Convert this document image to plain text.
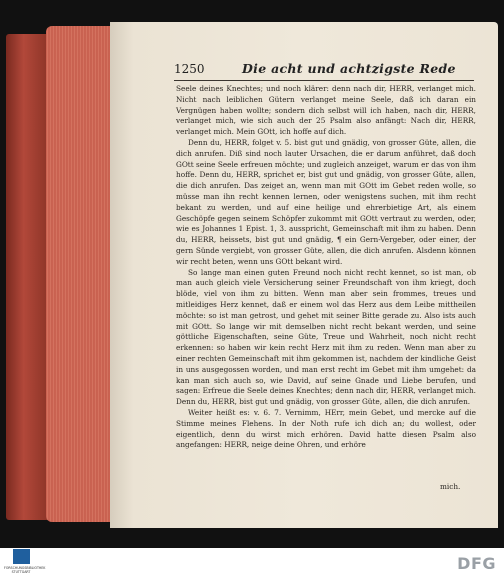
1250	Die acht und achtzigste Rede

Seele deines Knechtes; und noch klärer: denn nach dir, HERR, verlanget mich. Nicht nach leiblichen Gütern verlanget meine Seele, daß ich daran ein Vergnügen haben wollte; sondern dich selbst will ich haben, nach dir, HERR, verlanget mich, wie sich auch der 25 Psalm also anfängt: Nach dir, HERR, verlanget mich. Mein GOtt, ich hoffe auf dich.

Denn du, HERR, folget v. 5. bist gut und gnädig, von grosser Güte, allen, die dich anrufen. Diß sind noch lauter Ursachen, die er darum anführet, daß doch GOtt seine Seele erfreuen möchte; und zugleich anzeiget, warum er das von ihm hoffe. Denn du, HERR, sprichet er, bist gut und gnädig, von grosser Güte, allen, die dich anrufen. Das zeiget an, wenn man mit GOtt im Gebet reden wolle, so müsse man ihn recht kennen lernen, oder wenigstens suchen, mit ihm recht bekant zu werden, und auf eine heilige und ehrerbietige Art, als einem Geschöpfe gegen seinem Schöpfer zukommt mit GOtt vertraut zu werden, oder, wie es Johannes 1 Epist. 1, 3. ausspricht, Gemeinschaft mit ihm zu haben. Denn du, HERR, heissets, bist gut und gnädig, ¶ ein Gern-Vergeber, oder einer, der gern Sünde vergiebt, von grosser Güte, allen, die dich anrufen. Alsdenn können wir recht beten, wenn uns GOtt bekant wird.

So lange man einen guten Freund noch nicht recht kennet, so ist man, ob man auch gleich viele Versicherung seiner Freundschaft von ihm kriegt, doch blöde, viel von ihm zu bitten. Wenn man aber sein frommes, treues und mitleidiges Herz kennet, daß er einem wol das Herz aus dem Leibe mittheilen möchte: so ist man getrost, und gehet mit seiner Bitte gerade zu. Also ists auch mit GOtt. So lange wir mit demselben nicht recht bekant werden, und seine göttliche Eigenschaften, seine Güte, Treue und Wahrheit, noch nicht recht erkennen: so haben wir kein recht Herz mit ihm zu reden. Wenn man aber zu einer rechten Gemeinschaft mit ihm gekommen ist, nachdem der kindliche Geist in uns ausgegossen worden, und man erst recht im Gebet mit ihm umgehet: da kan man sich auch so, wie David, auf seine Gnade und Liebe berufen, und sagen: Erfreue die Seele deines Knechtes; denn nach dir, HERR, verlanget mich. Denn du, HERR, bist gut und gnädig, von grosser Güte, allen, die dich anrufen.

Weiter heißt es: v. 6. 7. Vernimm, HErr, mein Gebet, und mercke auf die Stimme meines Flehens. In der Noth rufe ich dich an; du wollest, oder eigentlich, denn du wirst mich erhören. David hatte diesen Psalm also angefangen: HERR, neige deine Ohren, und erhöre

mich.
FORSCHUNGSBIBLIOTHEK STUTTGART	DFG
